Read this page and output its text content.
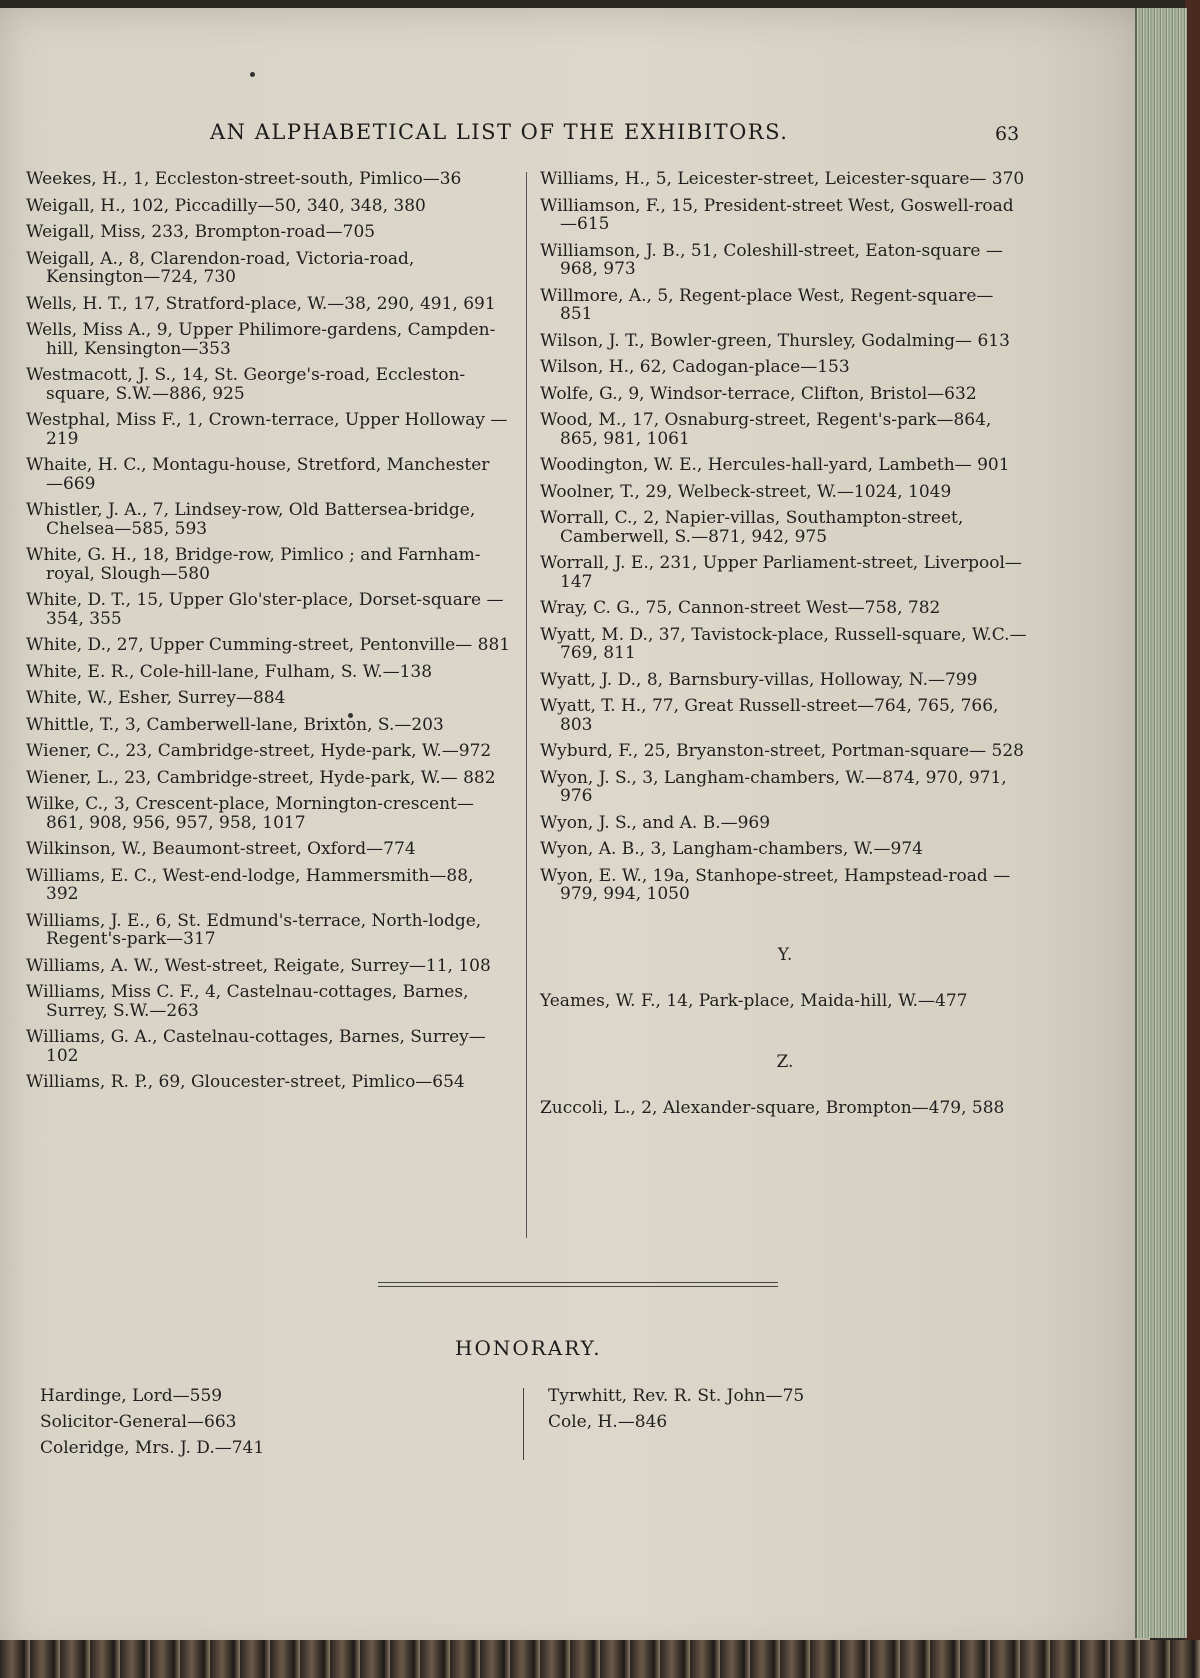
AN ALPHABETICAL LIST OF THE EXHIBITORS.	63
Weekes, H., 1, Eccleston-street-south, Pimlico—36
Weigall, H., 102, Piccadilly—50, 340, 348, 380
Weigall, Miss, 233, Brompton-road—705
Weigall, A., 8, Clarendon-road, Victoria-road, Kensington—724, 730
Wells, H. T., 17, Stratford-place, W.—38, 290, 491, 691
Wells, Miss A., 9, Upper Philimore-gardens, Campden-hill, Kensington—353
Westmacott, J. S., 14, St. George's-road, Eccleston-square, S.W.—886, 925
Westphal, Miss F., 1, Crown-terrace, Upper Holloway —219
Whaite, H. C., Montagu-house, Stretford, Manchester —669
Whistler, J. A., 7, Lindsey-row, Old Battersea-bridge, Chelsea—585, 593
White, G. H., 18, Bridge-row, Pimlico ; and Farnham-royal, Slough—580
White, D. T., 15, Upper Glo'ster-place, Dorset-square —354, 355
White, D., 27, Upper Cumming-street, Pentonville— 881
White, E. R., Cole-hill-lane, Fulham, S. W.—138
White, W., Esher, Surrey—884
Whittle, T., 3, Camberwell-lane, Brixton, S.—203
Wiener, C., 23, Cambridge-street, Hyde-park, W.—972
Wiener, L., 23, Cambridge-street, Hyde-park, W.— 882
Wilke, C., 3, Crescent-place, Mornington-crescent— 861, 908, 956, 957, 958, 1017
Wilkinson, W., Beaumont-street, Oxford—774
Williams, E. C., West-end-lodge, Hammersmith—88, 392
Williams, J. E., 6, St. Edmund's-terrace, North-lodge, Regent's-park—317
Williams, A. W., West-street, Reigate, Surrey—11, 108
Williams, Miss C. F., 4, Castelnau-cottages, Barnes, Surrey, S.W.—263
Williams, G. A., Castelnau-cottages, Barnes, Surrey— 102
Williams, R. P., 69, Gloucester-street, Pimlico—654
Williams, H., 5, Leicester-street, Leicester-square— 370
Williamson, F., 15, President-street West, Goswell-road—615
Williamson, J. B., 51, Coleshill-street, Eaton-square —968, 973
Willmore, A., 5, Regent-place West, Regent-square— 851
Wilson, J. T., Bowler-green, Thursley, Godalming— 613
Wilson, H., 62, Cadogan-place—153
Wolfe, G., 9, Windsor-terrace, Clifton, Bristol—632
Wood, M., 17, Osnaburg-street, Regent's-park—864, 865, 981, 1061
Woodington, W. E., Hercules-hall-yard, Lambeth— 901
Woolner, T., 29, Welbeck-street, W.—1024, 1049
Worrall, C., 2, Napier-villas, Southampton-street, Camberwell, S.—871, 942, 975
Worrall, J. E., 231, Upper Parliament-street, Liverpool—147
Wray, C. G., 75, Cannon-street West—758, 782
Wyatt, M. D., 37, Tavistock-place, Russell-square, W.C.—769, 811
Wyatt, J. D., 8, Barnsbury-villas, Holloway, N.—799
Wyatt, T. H., 77, Great Russell-street—764, 765, 766, 803
Wyburd, F., 25, Bryanston-street, Portman-square— 528
Wyon, J. S., 3, Langham-chambers, W.—874, 970, 971, 976
Wyon, J. S., and A. B.—969
Wyon, A. B., 3, Langham-chambers, W.—974
Wyon, E. W., 19a, Stanhope-street, Hampstead-road —979, 994, 1050
Y.
Yeames, W. F., 14, Park-place, Maida-hill, W.—477
Z.
Zuccoli, L., 2, Alexander-square, Brompton—479, 588
HONORARY.
Hardinge, Lord—559
Solicitor-General—663
Coleridge, Mrs. J. D.—741
Tyrwhitt, Rev. R. St. John—75
Cole, H.—846
